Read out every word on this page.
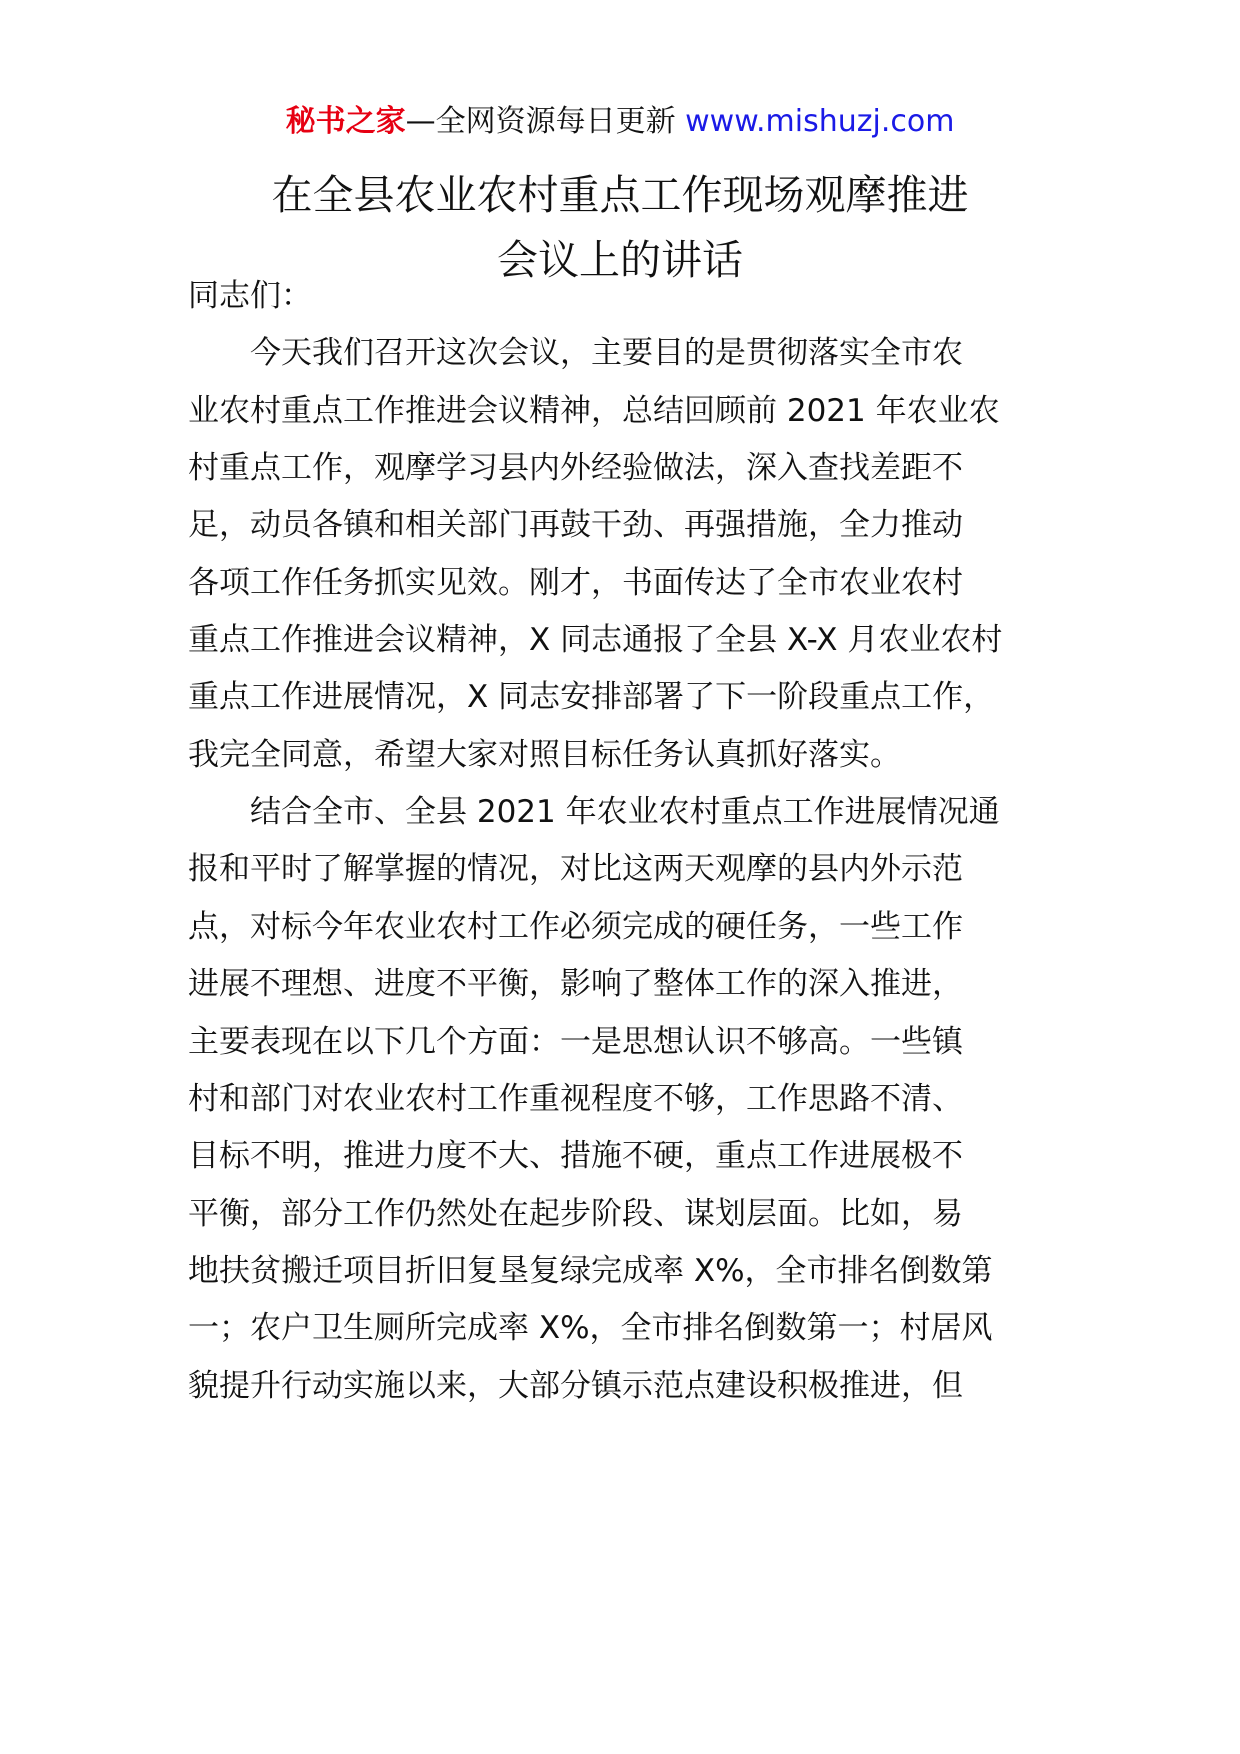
秘书之家—全网资源每日更新 www.mishuzj.com
在全县农业农村重点工作现场观摩推进
会议上的讲话
同志们：
今天我们召开这次会议，主要目的是贯彻落实全市农
业农村重点工作推进会议精神，总结回顾前 2021 年农业农
村重点工作，观摩学习县内外经验做法，深入查找差距不
足，动员各镇和相关部门再鼓干劲、再强措施，全力推动
各项工作任务抓实见效。刚才，书面传达了全市农业农村
重点工作推进会议精神，X 同志通报了全县 X-X 月农业农村
重点工作进展情况，X 同志安排部署了下一阶段重点工作，
我完全同意，希望大家对照目标任务认真抓好落实。
结合全市、全县 2021 年农业农村重点工作进展情况通
报和平时了解掌握的情况，对比这两天观摩的县内外示范
点，对标今年农业农村工作必须完成的硬任务，一些工作
进展不理想、进度不平衡，影响了整体工作的深入推进，
主要表现在以下几个方面：一是思想认识不够高。一些镇
村和部门对农业农村工作重视程度不够，工作思路不清、
目标不明，推进力度不大、措施不硬，重点工作进展极不
平衡，部分工作仍然处在起步阶段、谋划层面。比如，易
地扶贫搬迁项目折旧复垦复绿完成率 X%，全市排名倒数第
一；农户卫生厕所完成率 X%，全市排名倒数第一；村居风
貌提升行动实施以来，大部分镇示范点建设积极推进，但
